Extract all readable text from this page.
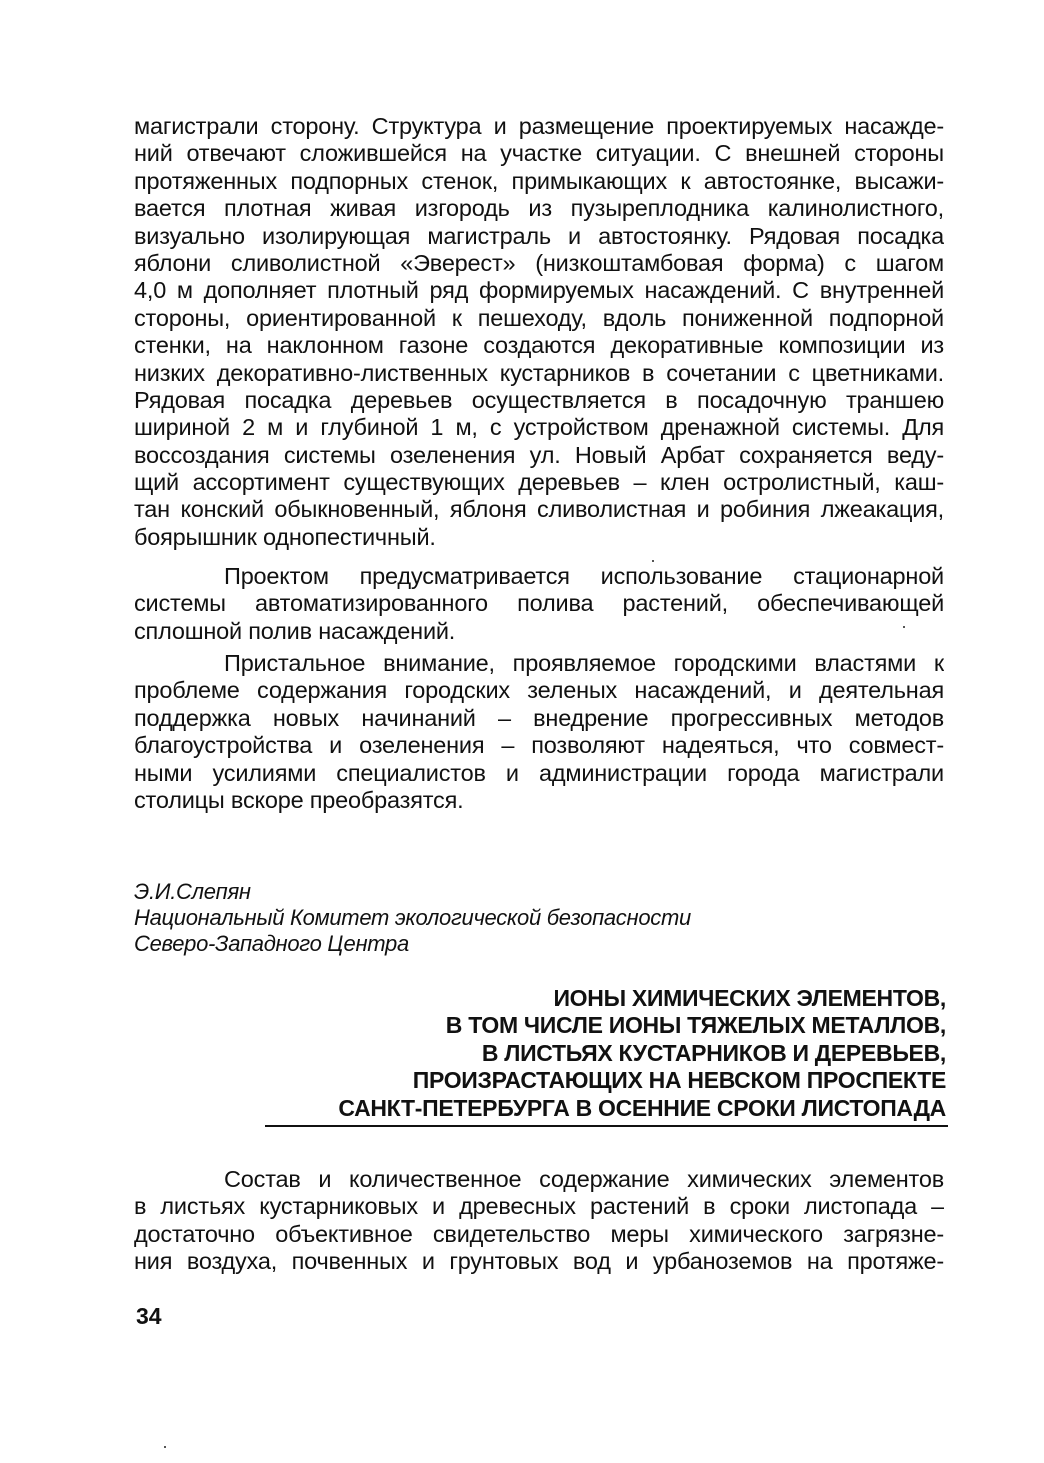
магистрали сторону. Структура и размещение проектируемых насажде-
ний отвечают сложившейся на участке ситуации. С внешней стороны
протяженных подпорных стенок, примыкающих к автостоянке, высажи-
вается плотная живая изгородь из пузыреплодника калинолистного,
визуально изолирующая магистраль и автостоянку. Рядовая посадка
яблони сливолистной «Эверест» (низкоштамбовая форма) с шагом
4,0 м дополняет плотный ряд формируемых насаждений. С внутренней
стороны, ориентированной к пешеходу, вдоль пониженной подпорной
стенки, на наклонном газоне создаются декоративные композиции из
низких декоративно-лиственных кустарников в сочетании с цветниками.
Рядовая посадка деревьев осуществляется в посадочную траншею
шириной 2 м и глубиной 1 м, с устройством дренажной системы. Для
воссоздания системы озеленения ул. Новый Арбат сохраняется веду-
щий ассортимент существующих деревьев – клен остролистный, каш-
тан конский обыкновенный, яблоня сливолистная и робиния лжеакация,
боярышник однопестичный.
Проектом предусматривается использование стационарной
системы автоматизированного полива растений, обеспечивающей
сплошной полив насаждений.
Пристальное внимание, проявляемое городскими властями к
проблеме содержания городских зеленых насаждений, и деятельная
поддержка новых начинаний – внедрение прогрессивных методов
благоустройства и озеленения – позволяют надеяться, что совмест-
ными усилиями специалистов и администрации города магистрали
столицы вскоре преобразятся.
Э.И.Слепян
Национальный Комитет экологической безопасности
Северо-Западного Центра
ИОНЫ ХИМИЧЕСКИХ ЭЛЕМЕНТОВ,
В ТОМ ЧИСЛЕ ИОНЫ ТЯЖЕЛЫХ МЕТАЛЛОВ,
В ЛИСТЬЯХ КУСТАРНИКОВ И ДЕРЕВЬЕВ,
ПРОИЗРАСТАЮЩИХ НА НЕВСКОМ ПРОСПЕКТЕ
САНКТ-ПЕТЕРБУРГА В ОСЕННИЕ СРОКИ ЛИСТОПАДА
Состав и количественное содержание химических элементов
в листьях кустарниковых и древесных растений в сроки листопада –
достаточно объективное свидетельство меры химического загрязне-
ния воздуха, почвенных и грунтовых вод и урбаноземов на протяже-
34
